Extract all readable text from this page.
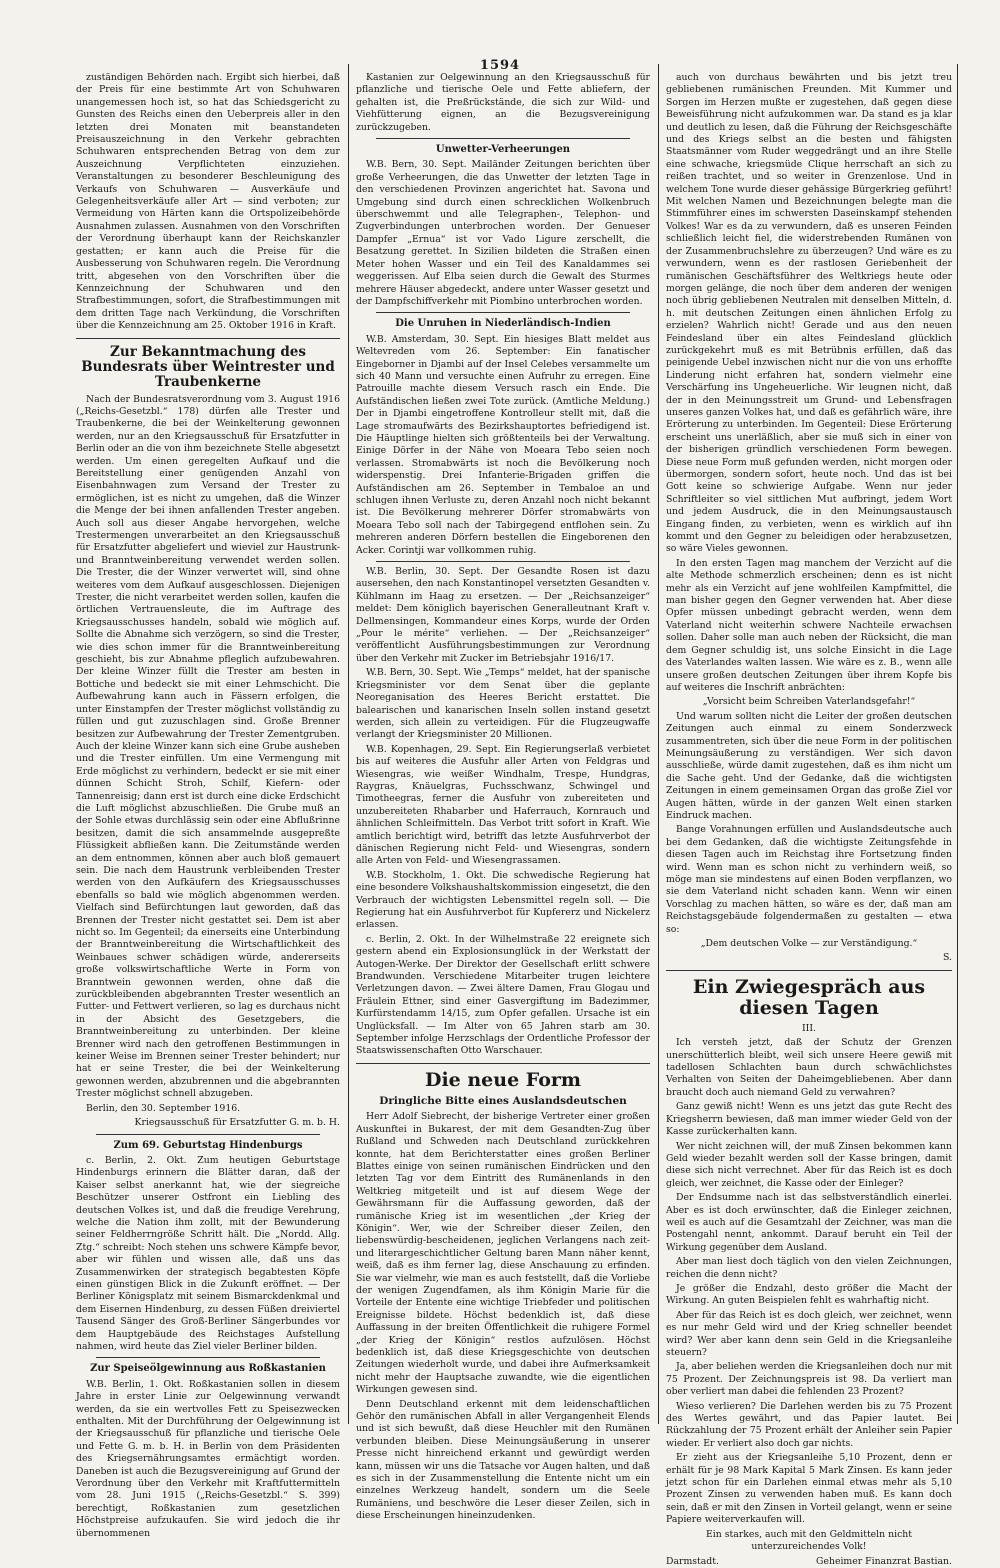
1594

zuständigen Behörden nach. Ergibt sich hierbei, daß der Preis für eine bestimmte Art von Schuhwaren unangemessen hoch ist, so hat das Schiedsgericht zu Gunsten des Reichs einen den Ueberpreis aller in den letzten drei Monaten mit beanstandeten Preisauszeichnung in den Verkehr gebrachten Schuhwaren entsprechenden Betrag von dem zur Auszeichnung Verpflichteten einzuziehen. Veranstaltungen zu besonderer Beschleunigung des Verkaufs von Schuhwaren — Ausverkäufe und Gelegenheitsverkäufe aller Art — sind verboten; zur Vermeidung von Härten kann die Ortspolizeibehörde Ausnahmen zulassen. Ausnahmen von den Vorschriften der Verordnung überhaupt kann der Reichskanzler gestatten; er kann auch die Preise für die Ausbesserung von Schuhwaren regeln. Die Verordnung tritt, abgesehen von den Vorschriften über die Kennzeichnung der Schuhwaren und den Strafbestimmungen, sofort, die Strafbestimmungen mit dem dritten Tage nach Verkündung, die Vorschriften über die Kennzeichnung am 25. Oktober 1916 in Kraft.

Zur Bekanntmachung des Bundesrats über Weintrester und Traubenkerne

Nach der Bundesratsverordnung vom 3. August 1916 („Reichs-Gesetzbl.“ 178) dürfen alle Trester und Traubenkerne, die bei der Weinkelterung gewonnen werden, nur an den Kriegsausschuß für Ersatzfutter in Berlin oder an die von ihm bezeichnete Stelle abgesetzt werden. Um einen geregelten Aufkauf und die Bereitstellung einer genügenden Anzahl von Eisenbahnwagen zum Versand der Trester zu ermöglichen, ist es nicht zu umgehen, daß die Winzer die Menge der bei ihnen anfallenden Trester angeben. Auch soll aus dieser Angabe hervorgehen, welche Trestermengen unverarbeitet an den Kriegsausschuß für Ersatzfutter abgeliefert und wieviel zur Haustrunk- und Branntweinbereitung verwendet werden sollen. Die Trester, die der Winzer verwertet will, sind ohne weiteres vom dem Aufkauf ausgeschlossen. Diejenigen Trester, die nicht verarbeitet werden sollen, kaufen die örtlichen Vertrauensleute, die im Auftrage des Kriegsausschusses handeln, sobald wie möglich auf. Sollte die Abnahme sich verzögern, so sind die Trester, wie dies schon immer für die Branntweinbereitung geschieht, bis zur Abnahme pfleglich aufzubewahren. Der kleine Winzer füllt die Trester am besten in Bottiche und bedeckt sie mit einer Lehmschicht. Die Aufbewahrung kann auch in Fässern erfolgen, die unter Einstampfen der Trester möglichst vollständig zu füllen und gut zuzuschlagen sind. Große Brenner besitzen zur Aufbewahrung der Trester Zementgruben. Auch der kleine Winzer kann sich eine Grube ausheben und die Trester einfüllen. Um eine Vermengung mit Erde möglichst zu verhindern, bedeckt er sie mit einer dünnen Schicht Stroh, Schilf, Kiefern- oder Tannenreisig; dann erst ist durch eine dicke Erdschicht die Luft möglichst abzuschließen. Die Grube muß an der Sohle etwas durchlässig sein oder eine Abflußrinne besitzen, damit die sich ansammelnde ausgepreßte Flüssigkeit abfließen kann. Die Zeitumstände werden an dem entnommen, können aber auch bloß gemauert sein. Die nach dem Haustrunk verbleibenden Trester werden von den Aufkäufern des Kriegsausschusses ebenfalls so bald wie möglich abgenommen werden. Vielfach sind Befürchtungen laut geworden, daß das Brennen der Trester nicht gestattet sei. Dem ist aber nicht so. Im Gegenteil; da einerseits eine Unterbindung der Branntweinbereitung die Wirtschaftlichkeit des Weinbaues schwer schädigen würde, andererseits große volkswirtschaftliche Werte in Form von Branntwein gewonnen werden, ohne daß die zurückbleibenden abgebrannten Trester wesentlich an Futter- und Fettwert verlieren, so lag es durchaus nicht in der Absicht des Gesetzgebers, die Branntweinbereitung zu unterbinden. Der kleine Brenner wird nach den getroffenen Bestimmungen in keiner Weise im Brennen seiner Trester behindert; nur hat er seine Trester, die bei der Weinkelterung gewonnen werden, abzubrennen und die abgebrannten Trester möglichst schnell abzugeben.

Berlin, den 30. September 1916.

Kriegsausschuß für Ersatzfutter G. m. b. H.

Zum 69. Geburtstag Hindenburgs

c. Berlin, 2. Okt. Zum heutigen Geburtstage Hindenburgs erinnern die Blätter daran, daß der Kaiser selbst anerkannt hat, wie der siegreiche Beschützer unserer Ostfront ein Liebling des deutschen Volkes ist, und daß die freudige Verehrung, welche die Nation ihm zollt, mit der Bewunderung seiner Feldherrngröße Schritt hält. Die „Nordd. Allg. Ztg.“ schreibt: Noch stehen uns schwere Kämpfe bevor, aber wir fühlen und wissen alle, daß uns das Zusammenwirken der strategisch begabtesten Köpfe einen günstigen Blick in die Zukunft eröffnet. — Der Berliner Königsplatz mit seinem Bismarckdenkmal und dem Eisernen Hindenburg, zu dessen Füßen dreiviertel Tausend Sänger des Groß-Berliner Sängerbundes vor dem Hauptgebäude des Reichstages Aufstellung nahmen, wird heute das Ziel vieler Berliner bilden.

Zur Speiseölgewinnung aus Roßkastanien

W.B. Berlin, 1. Okt. Roßkastanien sollen in diesem Jahre in erster Linie zur Oelgewinnung verwandt werden, da sie ein wertvolles Fett zu Speisezwecken enthalten. Mit der Durchführung der Oelgewinnung ist der Kriegsausschuß für pflanzliche und tierische Oele und Fette G. m. b. H. in Berlin von dem Präsidenten des Kriegsernährungsamtes ermächtigt worden. Daneben ist auch die Bezugsvereinigung auf Grund der Verordnung über den Verkehr mit Kraftfuttermitteln vom 28. Juni 1915 („Reichs-Gesetzbl.“ S. 399) berechtigt, Roßkastanien zum gesetzlichen Höchstpreise aufzukaufen. Sie wird jedoch die ihr übernommenen

Kastanien zur Oelgewinnung an den Kriegsausschuß für pflanzliche und tierische Oele und Fette abliefern, der gehalten ist, die Preßrückstände, die sich zur Wild- und Viehfütterung eignen, an die Bezugsvereinigung zurückzugeben.

Unwetter-Verheerungen

W.B. Bern, 30. Sept. Mailänder Zeitungen berichten über große Verheerungen, die das Unwetter der letzten Tage in den verschiedenen Provinzen angerichtet hat. Savona und Umgebung sind durch einen schrecklichen Wolkenbruch überschwemmt und alle Telegraphen-, Telephon- und Zugverbindungen unterbrochen worden. Der Genueser Dampfer „Ernua“ ist vor Vado Ligure zerschellt, die Besatzung gerettet. In Sizilien bildeten die Straßen einen Meter hohen Wasser und ein Teil des Kanaldammes sei weggerissen. Auf Elba seien durch die Gewalt des Sturmes mehrere Häuser abgedeckt, andere unter Wasser gesetzt und der Dampfschiffverkehr mit Piombino unterbrochen worden.

Die Unruhen in Niederländisch-Indien

W.B. Amsterdam, 30. Sept. Ein hiesiges Blatt meldet aus Weltevreden vom 26. September: Ein fanatischer Eingeborner in Djambi auf der Insel Celebes versammelte um sich 40 Mann und versuchte einen Aufruhr zu erregen. Eine Patrouille machte diesem Versuch rasch ein Ende. Die Aufständischen ließen zwei Tote zurück. (Amtliche Meldung.) Der in Djambi eingetroffene Kontrolleur stellt mit, daß die Lage stromaufwärts des Bezirkshauptortes befriedigend ist. Die Häuptlinge hielten sich größtenteils bei der Verwaltung. Einige Dörfer in der Nähe von Moeara Tebo seien noch verlassen. Stromabwärts ist noch die Bevölkerung noch widerspenstig. Drei Infanterie-Brigaden griffen die Aufständischen am 26. September in Tembaloe an und schlugen ihnen Verluste zu, deren Anzahl noch nicht bekannt ist. Die Bevölkerung mehrerer Dörfer stromabwärts von Moeara Tebo soll nach der Tabirgegend entflohen sein. Zu mehreren anderen Dörfern bestellen die Eingeborenen den Acker. Corintji war vollkommen ruhig.

W.B. Berlin, 30. Sept. Der Gesandte Rosen ist dazu ausersehen, den nach Konstantinopel versetzten Gesandten v. Kühlmann im Haag zu ersetzen. — Der „Reichsanzeiger“ meldet: Dem königlich bayerischen Generalleutnant Kraft v. Dellmensingen, Kommandeur eines Korps, wurde der Orden „Pour le mérite“ verliehen. — Der „Reichsanzeiger“ veröffentlicht Ausführungsbestimmungen zur Verordnung über den Verkehr mit Zucker im Betriebsjahr 1916/17.

W.B. Bern, 30. Sept. Wie „Temps“ meldet, hat der spanische Kriegsminister vor dem Senat über die geplante Neoreganisation des Heeres Bericht erstattet. Die balearischen und kanarischen Inseln sollen instand gesetzt werden, sich allein zu verteidigen. Für die Flugzeugwaffe verlangt der Kriegsminister 20 Millionen.

W.B. Kopenhagen, 29. Sept. Ein Regierungserlaß verbietet bis auf weiteres die Ausfuhr aller Arten von Feldgras und Wiesengras, wie weißer Windhalm, Trespe, Hundgras, Raygras, Knäuelgras, Fuchsschwanz, Schwingel und Timotheegras, ferner die Ausfuhr von zubereiteten und unzubereiteten Rhabarber und Haferrauch, Kornrauch und ähnlichen Schleifmitteln. Das Verbot tritt sofort in Kraft. Wie amtlich berichtigt wird, betrifft das letzte Ausfuhrverbot der dänischen Regierung nicht Feld- und Wiesengras, sondern alle Arten von Feld- und Wiesengrassamen.

W.B. Stockholm, 1. Okt. Die schwedische Regierung hat eine besondere Volkshaushaltskommission eingesetzt, die den Verbrauch der wichtigsten Lebensmittel regeln soll. — Die Regierung hat ein Ausfuhrverbot für Kupfererz und Nickelerz erlassen.

c. Berlin, 2. Okt. In der Wilhelmstraße 22 ereignete sich gestern abend ein Explosionsunglück in der Werkstatt der Autogen-Werke. Der Direktor der Gesellschaft erlitt schwere Brandwunden. Verschiedene Mitarbeiter trugen leichtere Verletzungen davon. — Zwei ältere Damen, Frau Glogau und Fräulein Ettner, sind einer Gasvergiftung im Badezimmer, Kurfürstendamm 14/15, zum Opfer gefallen. Ursache ist ein Unglücksfall. — Im Alter von 65 Jahren starb am 30. September infolge Herzschlags der Ordentliche Professor der Staatswissenschaften Otto Warschauer.

Die neue Form
Dringliche Bitte eines Auslandsdeutschen

Herr Adolf Siebrecht, der bisherige Vertreter einer großen Auskunftei in Bukarest, der mit dem Gesandten-Zug über Rußland und Schweden nach Deutschland zurückkehren konnte, hat dem Berichterstatter eines großen Berliner Blattes einige von seinen rumänischen Eindrücken und den letzten Tag vor dem Eintritt des Rumänenlands in den Weltkrieg mitgeteilt und ist auf diesem Wege der Gewährsmann für die Auffassung geworden, daß der rumänische Krieg ist im wesentlichen „der Krieg der Königin“. Wer, wie der Schreiber dieser Zeilen, den liebenswürdig-bescheidenen, jeglichen Verlangens nach zeit- und literargeschichtlicher Geltung baren Mann näher kennt, weiß, daß es ihm ferner lag, diese Anschauung zu erfinden. Sie war vielmehr, wie man es auch feststellt, daß die Vorliebe der wenigen Zugendfamen, als ihm Königin Marie für die Vorteile der Entente eine wichtige Triebfeder und politischen Ereignisse bildete. Höchst bedenklich ist, daß diese Auffassung in der breiten Öffentlichkeit die ruhigere Formel „der Krieg der Königin“ restlos aufzulösen. Höchst bedenklich ist, daß diese Kriegsgeschichte von deutschen Zeitungen wiederholt wurde, und dabei ihre Aufmerksamkeit nicht mehr der Hauptsache zuwandte, wie die eigentlichen Wirkungen gewesen sind.

Denn Deutschland erkennt mit dem leidenschaftlichen Gehör den rumänischen Abfall in aller Vergangenheit Elends und ist sich bewußt, daß diese Heuchler mit den Rumänen verbunden bleiben. Diese Meinungsäußerung in unserer Presse nicht hinreichend erkannt und gewürdigt werden kann, müssen wir uns die Tatsache vor Augen halten, und daß es sich in der Zusammenstellung die Entente nicht um ein einzelnes Werkzeug handelt, sondern um die Seele Rumäniens, und beschwöre die Leser dieser Zeilen, sich in diese Erscheinungen hineinzudenken.

auch von durchaus bewährten und bis jetzt treu gebliebenen rumänischen Freunden. Mit Kummer und Sorgen im Herzen mußte er zugestehen, daß gegen diese Beweisführung nicht aufzukommen war. Da stand es ja klar und deutlich zu lesen, daß die Führung der Reichsgeschäfte und des Kriegs selbst an die besten und fähigsten Staatsmänner vom Ruder weggedrängt und an ihre Stelle eine schwache, kriegsmüde Clique herrschaft an sich zu reißen trachtet, und so weiter in Grenzenlose. Und in welchem Tone wurde dieser gehässige Bürgerkrieg geführt! Mit welchen Namen und Bezeichnungen belegte man die Stimmführer eines im schwersten Daseinskampf stehenden Volkes! War es da zu verwundern, daß es unseren Feinden schließlich leicht fiel, die widerstrebenden Rumänen von der Zusammenbruchslehre zu überzeugen? Und wäre es zu verwundern, wenn es der rastlosen Geriebenheit der rumänischen Geschäftsführer des Weltkriegs heute oder morgen gelänge, die noch über dem anderen der wenigen noch übrig gebliebenen Neutralen mit denselben Mitteln, d. h. mit deutschen Zeitungen einen ähnlichen Erfolg zu erzielen? Wahrlich nicht! Gerade und aus den neuen Feindesland über ein altes Feindesland glücklich zurückgekehrt muß es mit Betrübnis erfüllen, daß das peinigende Uebel inzwischen nicht nur die von uns erhoffte Linderung nicht erfahren hat, sondern vielmehr eine Verschärfung ins Ungeheuerliche. Wir leugnen nicht, daß der in den Meinungsstreit um Grund- und Lebensfragen unseres ganzen Volkes hat, und daß es gefährlich wäre, ihre Erörterung zu unterbinden. Im Gegenteil: Diese Erörterung erscheint uns unerläßlich, aber sie muß sich in einer von der bisherigen gründlich verschiedenen Form bewegen. Diese neue Form muß gefunden werden, nicht morgen oder übermorgen, sondern sofort, heute noch. Und das ist bei Gott keine so schwierige Aufgabe. Wenn nur jeder Schriftleiter so viel sittlichen Mut aufbringt, jedem Wort und jedem Ausdruck, die in den Meinungsaustausch Eingang finden, zu verbieten, wenn es wirklich auf ihn kommt und den Gegner zu beleidigen oder herabzusetzen, so wäre Vieles gewonnen.

In den ersten Tagen mag manchem der Verzicht auf die alte Methode schmerzlich erscheinen; denn es ist nicht mehr als ein Verzicht auf jene wohlfeilen Kampfmittel, die man bisher gegen den Gegner verwenden hat. Aber diese Opfer müssen unbedingt gebracht werden, wenn dem Vaterland nicht weiterhin schwere Nachteile erwachsen sollen. Daher solle man auch neben der Rücksicht, die man dem Gegner schuldig ist, uns solche Einsicht in die Lage des Vaterlandes walten lassen. Wie wäre es z. B., wenn alle unsere großen deutschen Zeitungen über ihrem Kopfe bis auf weiteres die Inschrift anbrächten:

„Vorsicht beim Schreiben Vaterlandsgefahr!“

Und warum sollten nicht die Leiter der großen deutschen Zeitungen auch einmal zu einem Sonderzweck zusammentreten, sich über die neue Form in der politischen Meinungsäußerung zu verständigen. Wer sich davon ausschließe, würde damit zugestehen, daß es ihm nicht um die Sache geht. Und der Gedanke, daß die wichtigsten Zeitungen in einem gemeinsamen Organ das große Ziel vor Augen hätten, würde in der ganzen Welt einen starken Eindruck machen.

Bange Vorahnungen erfüllen und Auslandsdeutsche auch bei dem Gedanken, daß die wichtigste Zeitungsfehde in diesen Tagen auch im Reichstag ihre Fortsetzung finden wird. Wenn man es schon nicht zu verhindern weiß, so möge man sie mindestens auf einen Boden verpflanzen, wo sie dem Vaterland nicht schaden kann. Wenn wir einen Vorschlag zu machen hätten, so wäre es der, daß man am Reichstagsgebäude folgendermaßen zu gestalten — etwa so:

„Dem deutschen Volke — zur Verständigung.“

S.

Ein Zwiegespräch aus diesen Tagen

III.

Ich versteh jetzt, daß der Schutz der Grenzen unerschütterlich bleibt, weil sich unsere Heere gewiß mit tadellosen Schlachten baun durch schwächlichstes Verhalten von Seiten der Daheimgebliebenen. Aber dann braucht doch auch niemand Geld zu verwahren?

Ganz gewiß nicht! Wenn es uns jetzt das gute Recht des Kriegsherrn bewiesen, daß man immer wieder Geld von der Kasse zurückerhalten kann.

Wer nicht zeichnen will, der muß Zinsen bekommen kann Geld wieder bezahlt werden soll der Kasse bringen, damit diese sich nicht verrechnet. Aber für das Reich ist es doch gleich, wer zeichnet, die Kasse oder der Einleger?

Der Endsumme nach ist das selbstverständlich einerlei. Aber es ist doch erwünschter, daß die Einleger zeichnen, weil es auch auf die Gesamtzahl der Zeichner, was man die Postengahl nennt, ankommt. Darauf beruht ein Teil der Wirkung gegenüber dem Ausland.

Aber man liest doch täglich von den vielen Zeichnungen, reichen die denn nicht?

Je größer die Endzahl, desto größer die Macht der Wirkung. An guten Beispielen fehlt es wahrhaftig nicht.

Aber für das Reich ist es doch gleich, wer zeichnet, wenn es nur mehr Geld wird und der Krieg schneller beendet wird? Wer aber kann denn sein Geld in die Kriegsanleihe steuern?

Ja, aber beliehen werden die Kriegsanleihen doch nur mit 75 Prozent. Der Zeichnungspreis ist 98. Da verliert man ober verliert man dabei die fehlenden 23 Prozent?

Wieso verlieren? Die Darlehen werden bis zu 75 Prozent des Wertes gewährt, und das Papier lautet. Bei Rückzahlung der 75 Prozent erhält der Anleiher sein Papier wieder. Er verliert also doch gar nichts.

Er zieht aus der Kriegsanleihe 5,10 Prozent, denn er erhält für je 98 Mark Kapital 5 Mark Zinsen. Es kann jeder jetzt schon für ein Darlehen einmal etwas mehr als 5,10 Prozent Zinsen zu verwenden haben muß. Es kann doch sein, daß er mit den Zinsen in Vorteil gelangt, wenn er seine Papiere weiterverkaufen will.

Ein starkes, auch mit den Geldmitteln nicht unterzureichendes Volk!

Darmstadt.	Geheimer Finanzrat Bastian.
